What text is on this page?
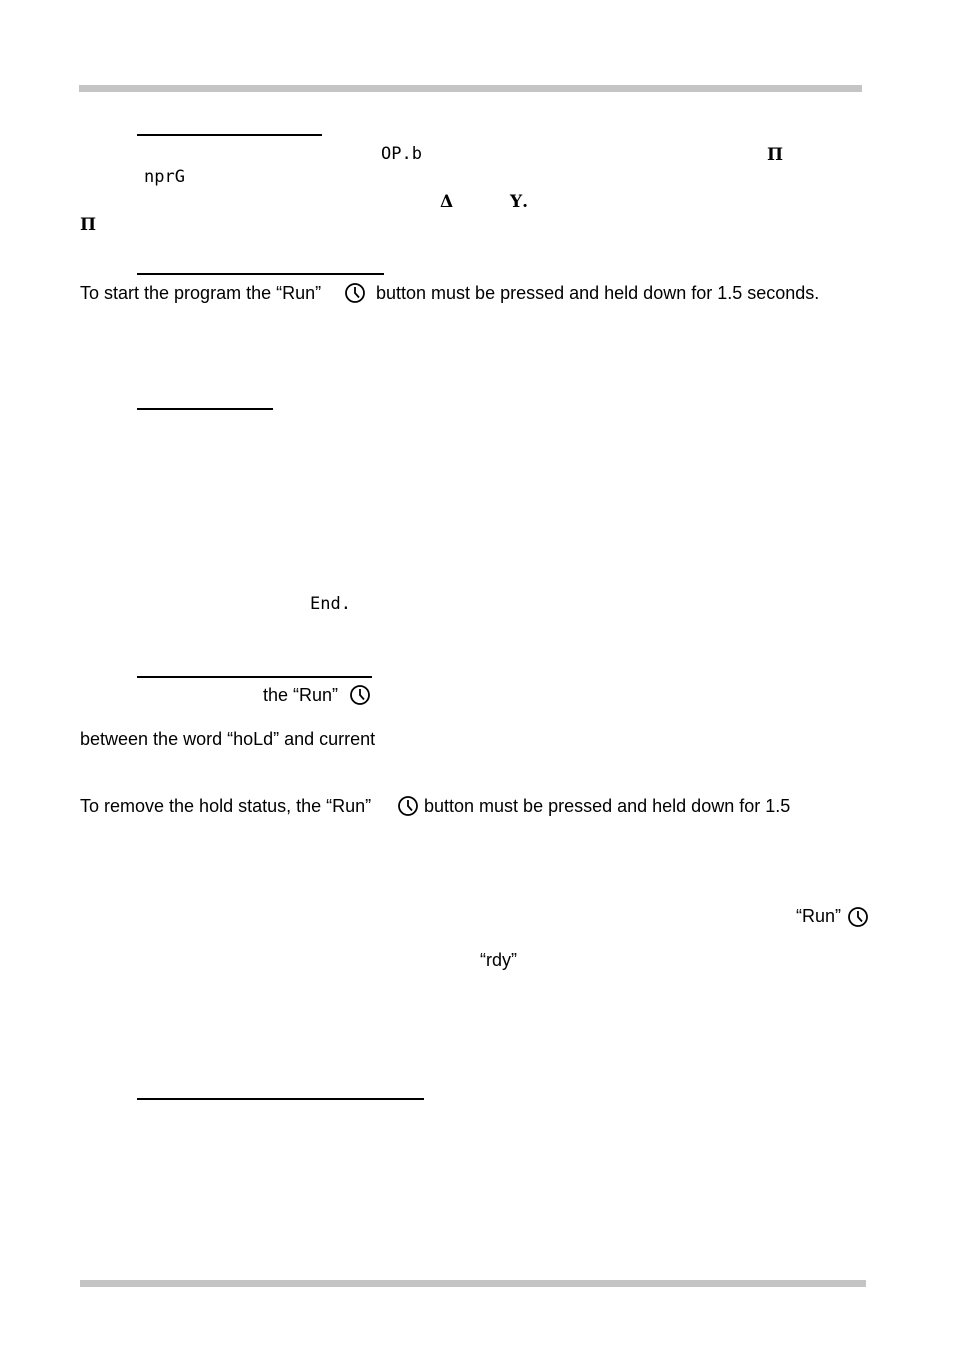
OP.b	Π
nprG
Δ	Υ.
Π
To start the program the “Run”	button must be pressed and held down for 1.5 seconds.
End.
the “Run”
between the word “hoLd” and current
To remove the hold status, the “Run”	button must be pressed and held down for 1.5
“Run”
“rdy”
